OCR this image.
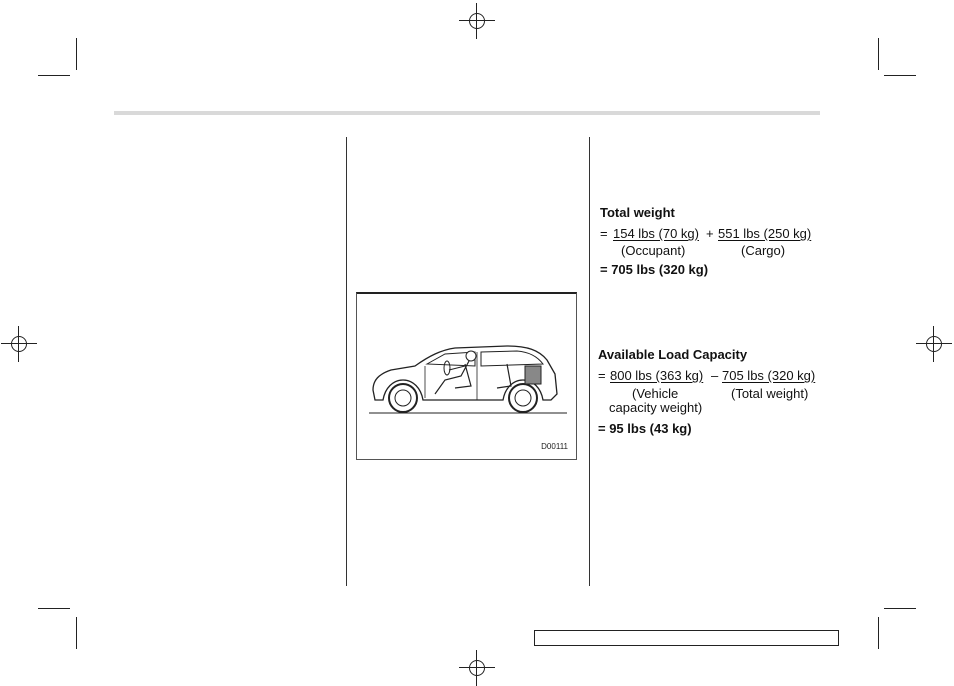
D00111
Total weight
= 154 lbs (70 kg) + 551 lbs (250 kg)
(Occupant)	(Cargo)
= 705 lbs (320 kg)
Available Load Capacity
= 800 lbs (363 kg) – 705 lbs (320 kg)
(Vehicle
capacity weight)
(Total weight)
= 95 lbs (43 kg)
